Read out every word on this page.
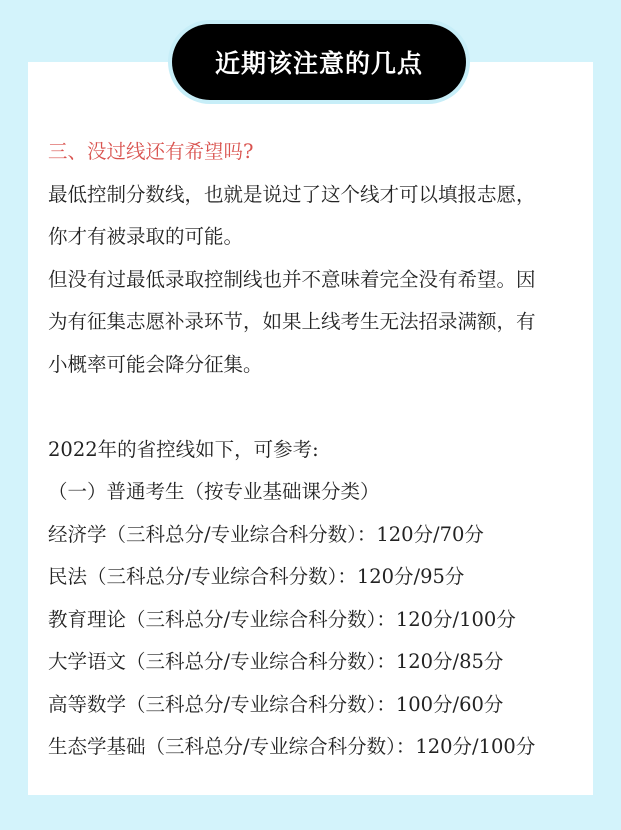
近期该注意的几点
三、没过线还有希望吗?
最低控制分数线，也就是说过了这个线才可以填报志愿，
你才有被录取的可能。
但没有过最低录取控制线也并不意味着完全没有希望。因
为有征集志愿补录环节，如果上线考生无法招录满额，有
小概率可能会降分征集。
2022年的省控线如下，可参考:
（一）普通考生（按专业基础课分类）
经济学（三科总分/专业综合科分数）：120分/70分
民法（三科总分/专业综合科分数）：120分/95分
教育理论（三科总分/专业综合科分数）：120分/100分
大学语文（三科总分/专业综合科分数）：120分/85分
高等数学（三科总分/专业综合科分数）：100分/60分
生态学基础（三科总分/专业综合科分数）：120分/100分
